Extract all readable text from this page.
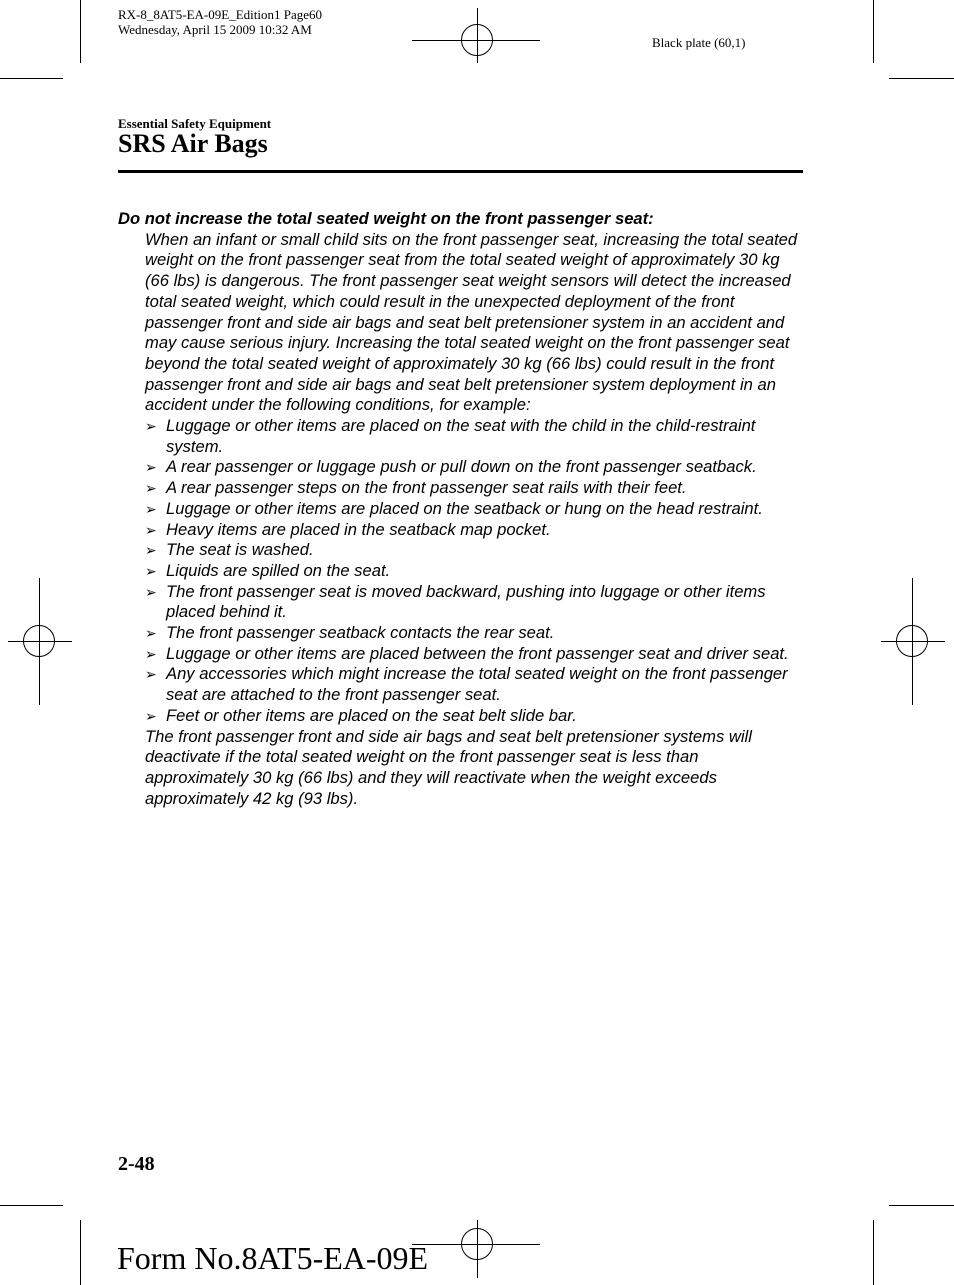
RX-8_8AT5-EA-09E_Edition1 Page60
Wednesday, April 15 2009 10:32 AM
Black plate (60,1)
Essential Safety Equipment
SRS Air Bags
Do not increase the total seated weight on the front passenger seat:

When an infant or small child sits on the front passenger seat, increasing the total seated weight on the front passenger seat from the total seated weight of approximately 30 kg (66 lbs) is dangerous. The front passenger seat weight sensors will detect the increased total seated weight, which could result in the unexpected deployment of the front passenger front and side air bags and seat belt pretensioner system in an accident and may cause serious injury. Increasing the total seated weight on the front passenger seat beyond the total seated weight of approximately 30 kg (66 lbs) could result in the front passenger front and side air bags and seat belt pretensioner system deployment in an accident under the following conditions, for example:

➢ Luggage or other items are placed on the seat with the child in the child-restraint system.
➢ A rear passenger or luggage push or pull down on the front passenger seatback.
➢ A rear passenger steps on the front passenger seat rails with their feet.
➢ Luggage or other items are placed on the seatback or hung on the head restraint.
➢ Heavy items are placed in the seatback map pocket.
➢ The seat is washed.
➢ Liquids are spilled on the seat.
➢ The front passenger seat is moved backward, pushing into luggage or other items placed behind it.
➢ The front passenger seatback contacts the rear seat.
➢ Luggage or other items are placed between the front passenger seat and driver seat.
➢ Any accessories which might increase the total seated weight on the front passenger seat are attached to the front passenger seat.
➢ Feet or other items are placed on the seat belt slide bar.

The front passenger front and side air bags and seat belt pretensioner systems will deactivate if the total seated weight on the front passenger seat is less than approximately 30 kg (66 lbs) and they will reactivate when the weight exceeds approximately 42 kg (93 lbs).

2-48
Form No.8AT5-EA-09E
